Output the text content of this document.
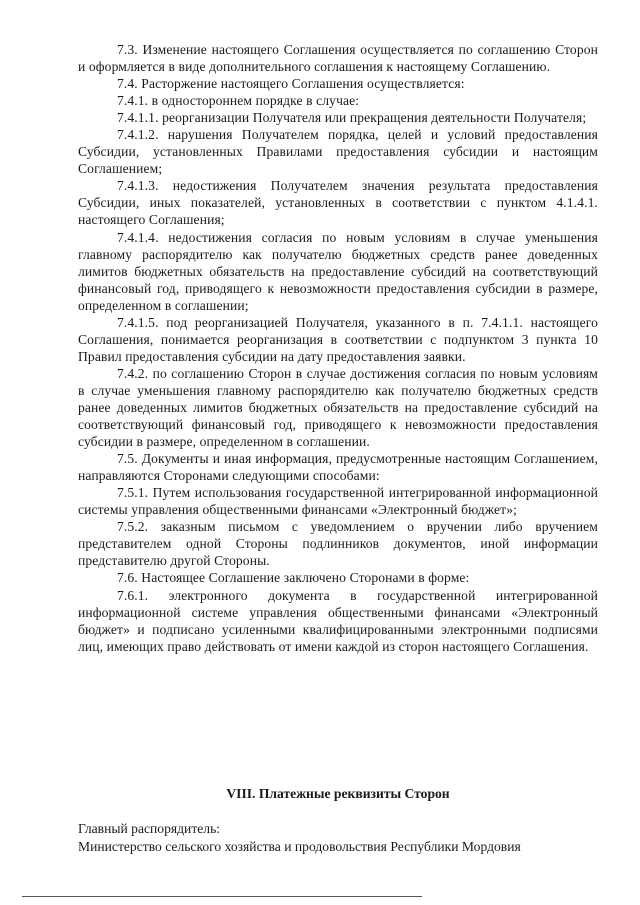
7.3. Изменение настоящего Соглашения осуществляется по соглашению Сторон и оформляется в виде дополнительного соглашения к настоящему Соглашению.

7.4. Расторжение настоящего Соглашения осуществляется:

7.4.1. в одностороннем порядке в случае:

7.4.1.1. реорганизации Получателя или прекращения деятельности Получателя;

7.4.1.2. нарушения Получателем порядка, целей и условий предоставления Субсидии, установленных Правилами предоставления субсидии и настоящим Соглашением;

7.4.1.3. недостижения Получателем значения результата предоставления Субсидии, иных показателей, установленных в соответствии с пунктом 4.1.4.1. настоящего Соглашения;

7.4.1.4. недостижения согласия по новым условиям в случае уменьшения главному распорядителю как получателю бюджетных средств ранее доведенных лимитов бюджетных обязательств на предоставление субсидий на соответствующий финансовый год, приводящего к невозможности предоставления субсидии в размере, определенном в соглашении;

7.4.1.5. под реорганизацией Получателя, указанного в п. 7.4.1.1. настоящего Соглашения, понимается реорганизация в соответствии с подпунктом 3 пункта 10 Правил предоставления субсидии на дату предоставления заявки.

7.4.2. по соглашению Сторон в случае достижения согласия по новым условиям в случае уменьшения главному распорядителю как получателю бюджетных средств ранее доведенных лимитов бюджетных обязательств на предоставление субсидий на соответствующий финансовый год, приводящего к невозможности предоставления субсидии в размере, определенном в соглашении.

7.5. Документы и иная информация, предусмотренные настоящим Соглашением, направляются Сторонами следующими способами:

7.5.1. Путем использования государственной интегрированной информационной системы управления общественными финансами «Электронный бюджет»;

7.5.2. заказным письмом с уведомлением о вручении либо вручением представителем одной Стороны подлинников документов, иной информации представителю другой Стороны.

7.6. Настоящее Соглашение заключено Сторонами в форме:

7.6.1. электронного документа в государственной интегрированной информационной системе управления общественными финансами «Электронный бюджет» и подписано усиленными квалифицированными электронными подписями лиц, имеющих право действовать от имени каждой из сторон настоящего Соглашения.

VIII. Платежные реквизиты Сторон

Главный распорядитель:

Министерство сельского хозяйства и продовольствия Республики Мордовия
